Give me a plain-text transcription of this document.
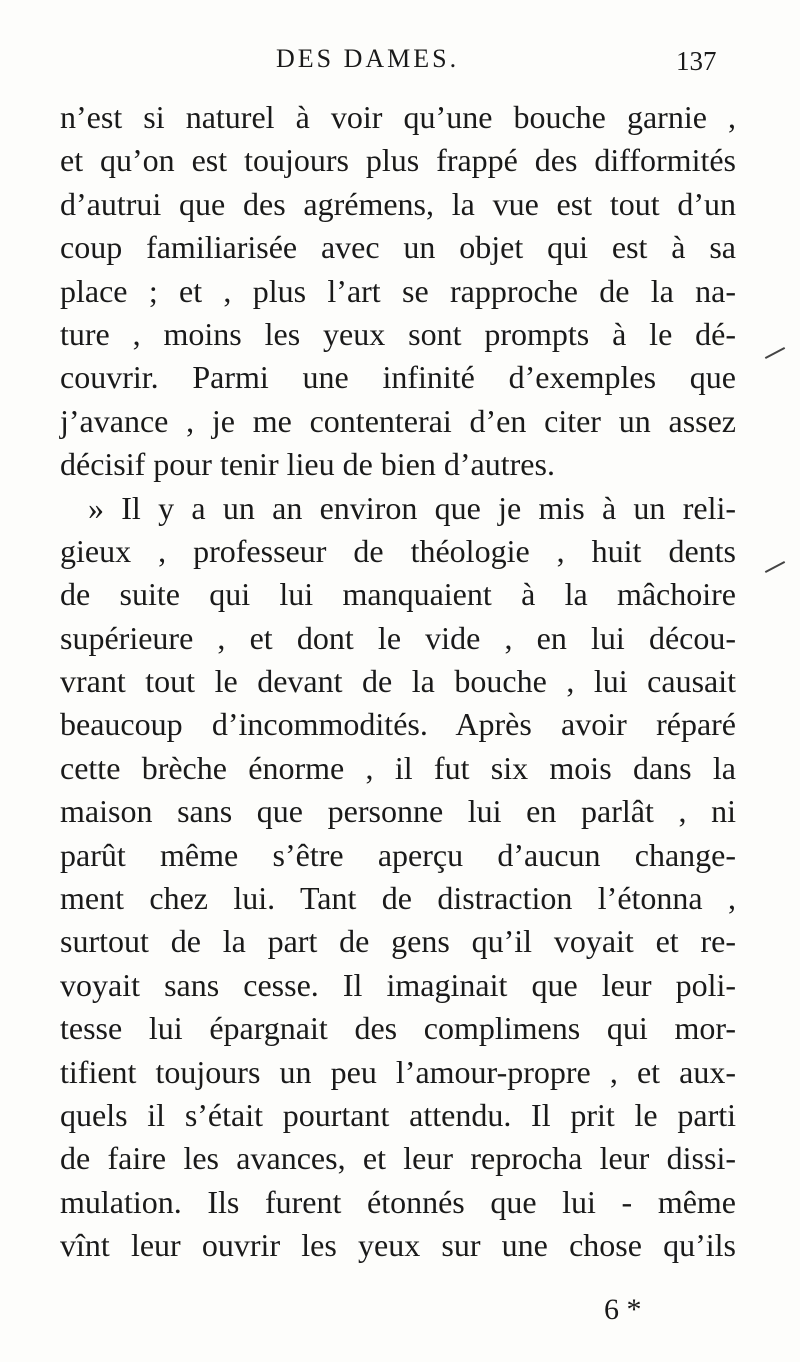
DES DAMES.	137
n’est si naturel à voir qu’une bouche garnie ,
et qu’on est toujours plus frappé des difformités
d’autrui que des agrémens, la vue est tout d’un
coup familiarisée avec un objet qui est à sa
place ; et , plus l’art se rapproche de la na-
ture , moins les yeux sont prompts à le dé-
couvrir. Parmi une infinité d’exemples que
j’avance , je me contenterai d’en citer un assez
décisif pour tenir lieu de bien d’autres.
» Il y a un an environ que je mis à un reli-
gieux , professeur de théologie , huit dents
de suite qui lui manquaient à la mâchoire
supérieure , et dont le vide , en lui décou-
vrant tout le devant de la bouche , lui causait
beaucoup d’incommodités. Après avoir réparé
cette brèche énorme , il fut six mois dans la
maison sans que personne lui en parlât , ni
parût même s’être aperçu d’aucun change-
ment chez lui. Tant de distraction l’étonna ,
surtout de la part de gens qu’il voyait et re-
voyait sans cesse. Il imaginait que leur poli-
tesse lui épargnait des complimens qui mor-
tifient toujours un peu l’amour-propre , et aux-
quels il s’était pourtant attendu. Il prit le parti
de faire les avances, et leur reprocha leur dissi-
mulation. Ils furent étonnés que lui - même
vînt leur ouvrir les yeux sur une chose qu’ils
6 *
